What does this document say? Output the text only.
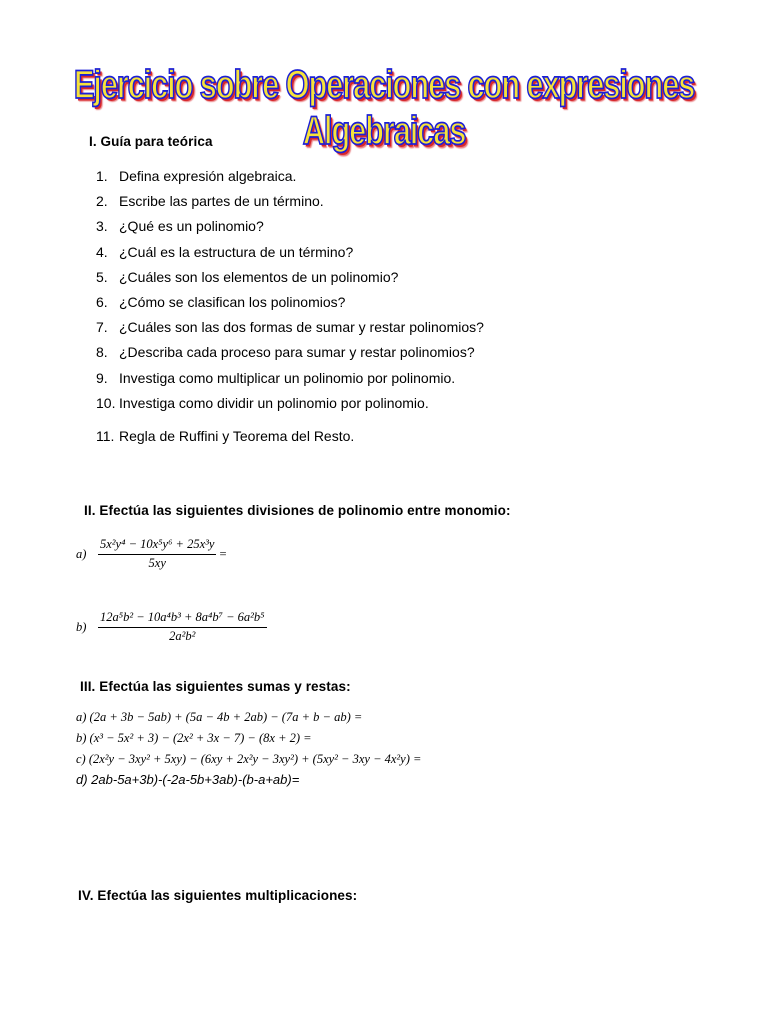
Ejercicio sobre Operaciones con expresiones Algebraicas
I. Guía para teórica
1. Defina expresión algebraica.
2. Escribe las partes de un término.
3. ¿Qué es un polinomio?
4. ¿Cuál es la estructura de un término?
5. ¿Cuáles son los elementos de un polinomio?
6. ¿Cómo se clasifican los polinomios?
7. ¿Cuáles son las dos formas de sumar y restar polinomios?
8. ¿Describa cada proceso para sumar y restar polinomios?
9. Investiga como multiplicar un polinomio por polinomio.
10. Investiga como dividir un polinomio por polinomio.
11. Regla de Ruffini y Teorema del Resto.
II. Efectúa las siguientes divisiones de polinomio entre monomio:
$a) \frac{\text{5x²y⁴ − 10x⁵y⁶ + 25x³y}}{5xy}$ =
$b) \frac{\text{12a⁵b² − 10a⁴b³ + 8a⁴b⁷ − 6a²b⁵}}{\text{2a²b²}}$
III. Efectúa las siguientes sumas y restas:
a) (2a + 3b − 5ab) + (5a − 4b + 2ab) − (7a + b − ab) =
b) (x³ − 5x² + 3) − (2x² + 3x − 7) − (8x + 2) =
c) (2x²y − 3xy² + 5xy) − (6xy + 2x²y − 3xy²) + (5xy² − 3xy − 4x²y) =
d) 2ab-5a+3b)-(-2a-5b+3ab)-(b-a+ab)=
IV. Efectúa las siguientes multiplicaciones:
